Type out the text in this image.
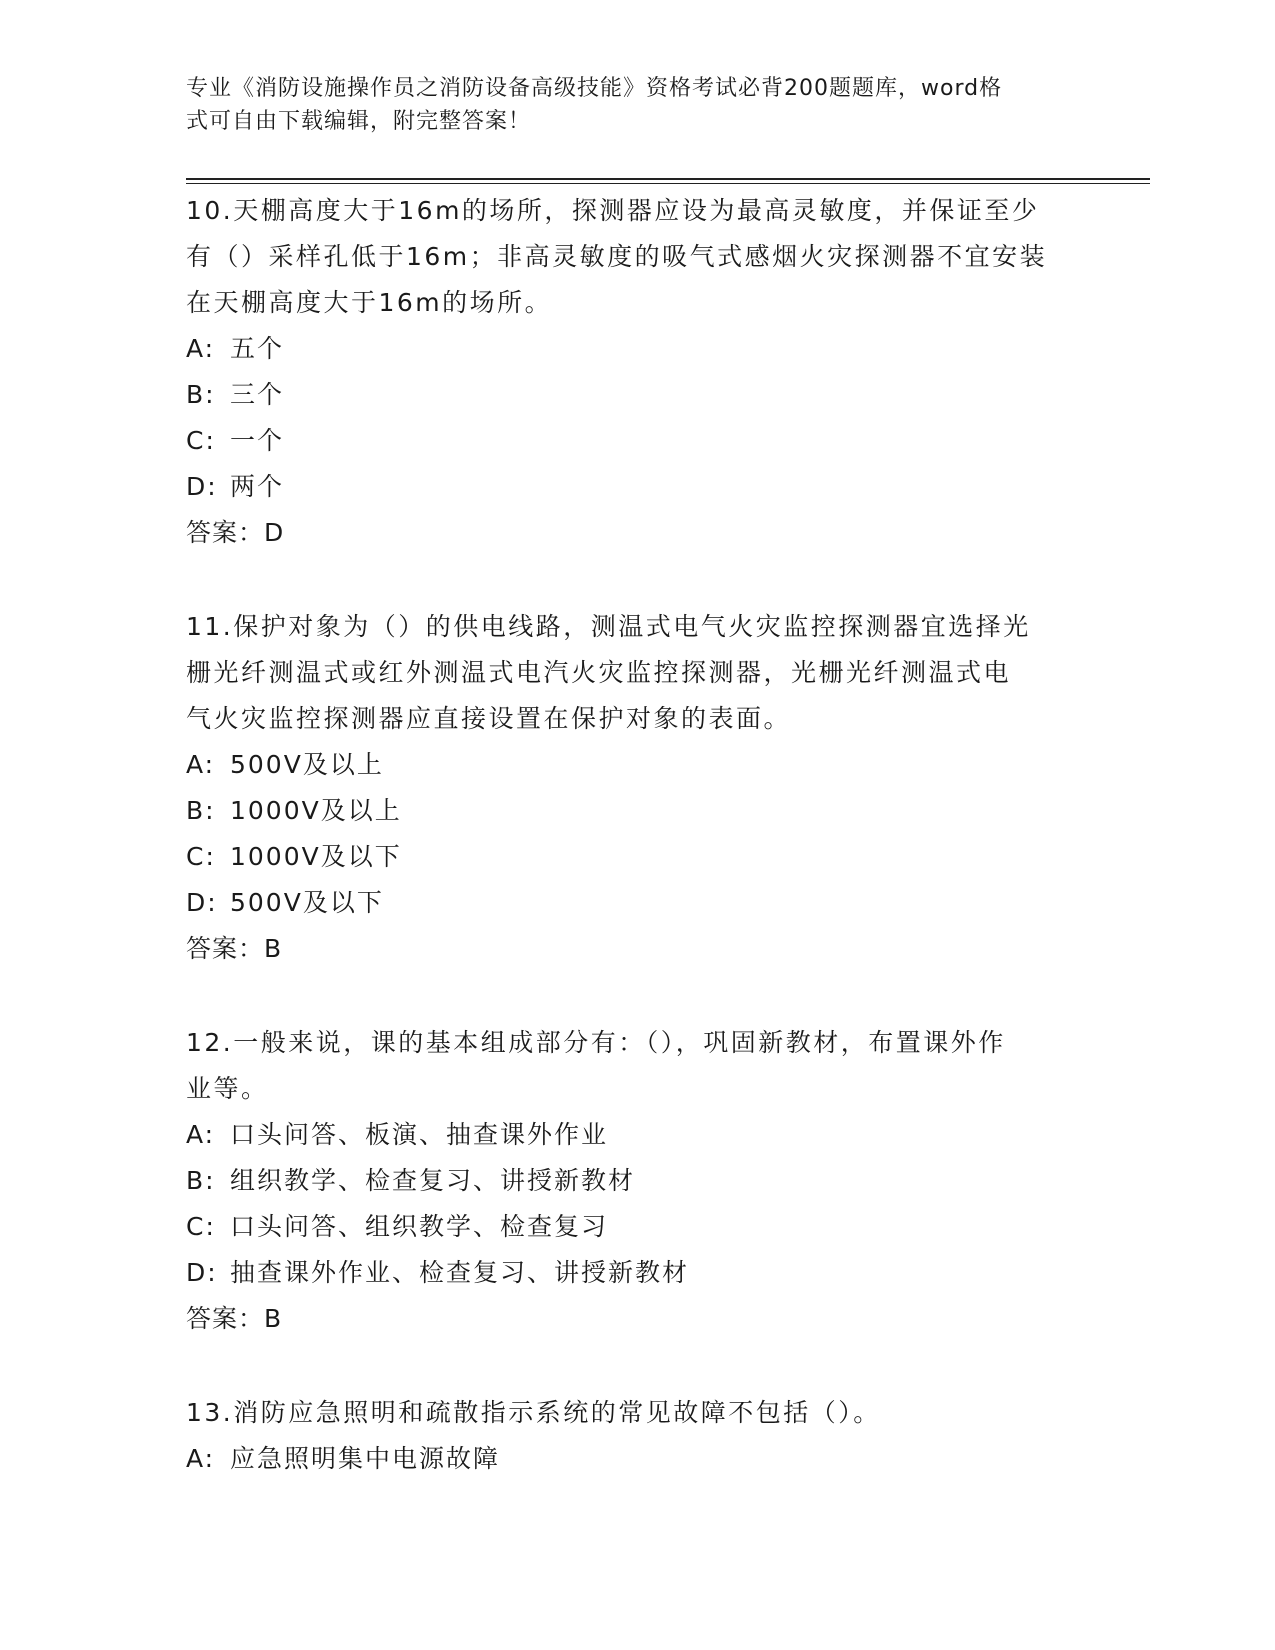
专业《消防设施操作员之消防设备高级技能》资格考试必背200题题库，word格
式可自由下载编辑，附完整答案！
10.天棚高度大于16m的场所，探测器应设为最高灵敏度，并保证至少
有（）采样孔低于16m；非高灵敏度的吸气式感烟火灾探测器不宜安装
在天棚高度大于16m的场所。
A: 五个
B: 三个
C: 一个
D: 两个
答案：D
11.保护对象为（）的供电线路，测温式电气火灾监控探测器宜选择光
栅光纤测温式或红外测温式电汽火灾监控探测器，光栅光纤测温式电
气火灾监控探测器应直接设置在保护对象的表面。
A: 500V及以上
B: 1000V及以上
C: 1000V及以下
D: 500V及以下
答案：B
12.一般来说，课的基本组成部分有：（），巩固新教材，布置课外作
业等。
A: 口头问答、板演、抽查课外作业
B: 组织教学、检查复习、讲授新教材
C: 口头问答、组织教学、检查复习
D: 抽查课外作业、检查复习、讲授新教材
答案：B
13.消防应急照明和疏散指示系统的常见故障不包括（）。
A: 应急照明集中电源故障
